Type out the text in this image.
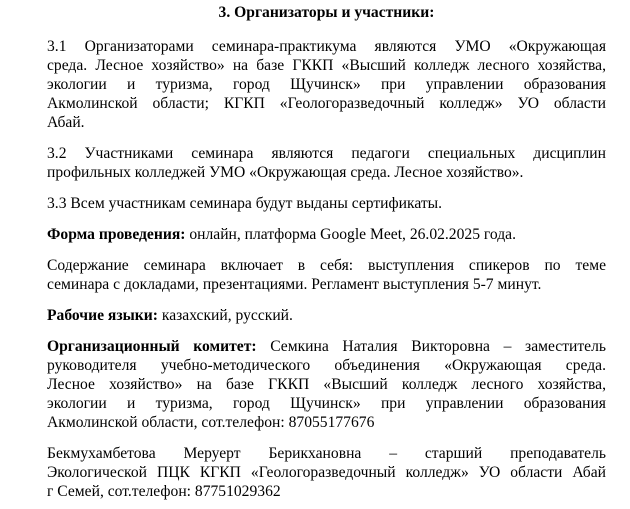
3. Организаторы и участники:
3.1 Организаторами семинара-практикума являются УМО «Окружающая
среда. Лесное хозяйство» на базе ГККП «Высший колледж лесного хозяйства,
экологии и туризма, город Щучинск» при управлении образования
Акмолинской области; КГКП «Геологоразведочный колледж» УО области
Абай.
3.2 Участниками семинара являются педагоги специальных дисциплин
профильных колледжей УМО «Окружающая среда. Лесное хозяйство».
3.3 Всем участникам семинара будут выданы сертификаты.
Форма проведения: онлайн, платформа Google Meet, 26.02.2025 года.
Содержание семинара включает в себя: выступления спикеров по теме
семинара с докладами, презентациями. Регламент выступления 5-7 минут.
Рабочие языки: казахский, русский.
Организационный комитет: Семкина Наталия Викторовна – заместитель
руководителя учебно-методического объединения «Окружающая среда.
Лесное хозяйство» на базе ГККП «Высший колледж лесного хозяйства,
экологии и туризма, город Щучинск» при управлении образования
Акмолинской области, сот.телефон: 87055177676
Бекмухамбетова Меруерт Берикхановна – старший преподаватель
Экологической ПЦК КГКП «Геологоразведочный колледж» УО области Абай
г Семей, сот.телефон: 87751029362
